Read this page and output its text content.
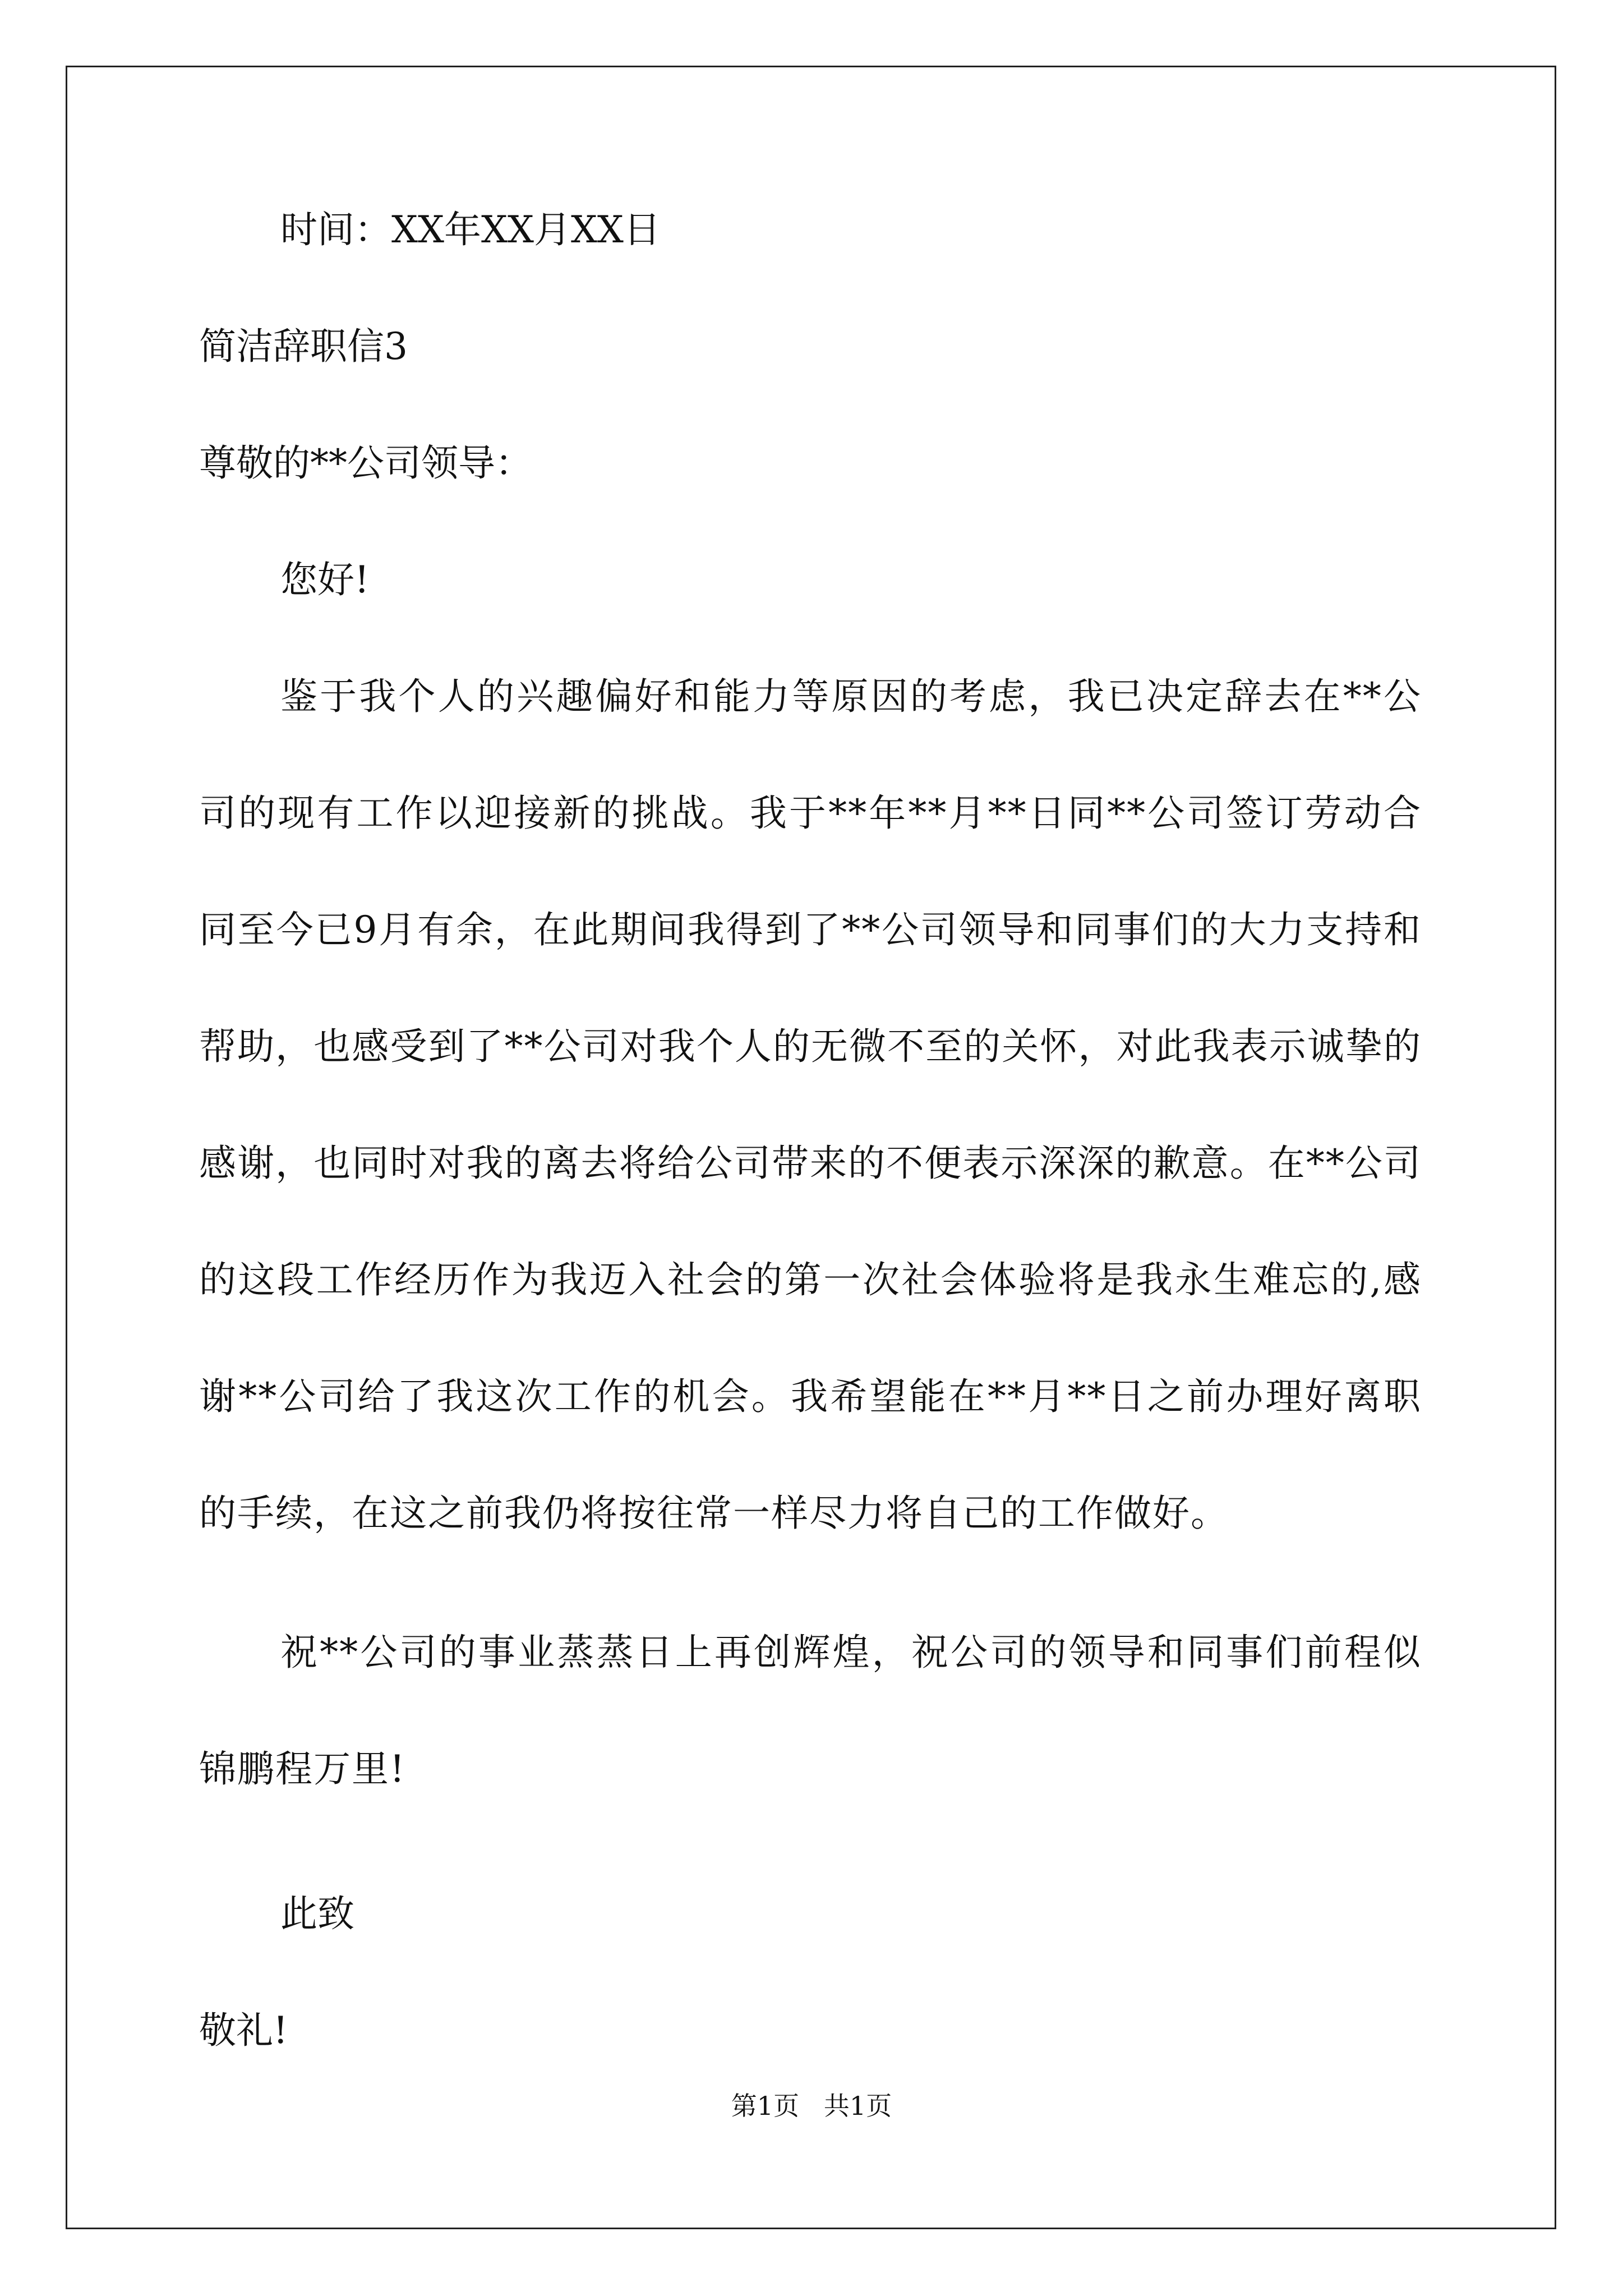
时间：XX年XX月XX日
简洁辞职信3
尊敬的**公司领导：
您好!
鉴于我个人的兴趣偏好和能力等原因的考虑，我已决定辞去在**公司的现有工作以迎接新的挑战。我于**年**月**日同**公司签订劳动合同至今已9月有余，在此期间我得到了**公司领导和同事们的大力支持和帮助，也感受到了**公司对我个人的无微不至的关怀，对此我表示诚挚的感谢，也同时对我的离去将给公司带来的不便表示深深的歉意。在**公司的这段工作经历作为我迈入社会的第一次社会体验将是我永生难忘的,感谢**公司给了我这次工作的机会。我希望能在**月**日之前办理好离职的手续，在这之前我仍将按往常一样尽力将自己的工作做好。
祝**公司的事业蒸蒸日上再创辉煌，祝公司的领导和同事们前程似锦鹏程万里!
此致
敬礼!
第1页   共1页
